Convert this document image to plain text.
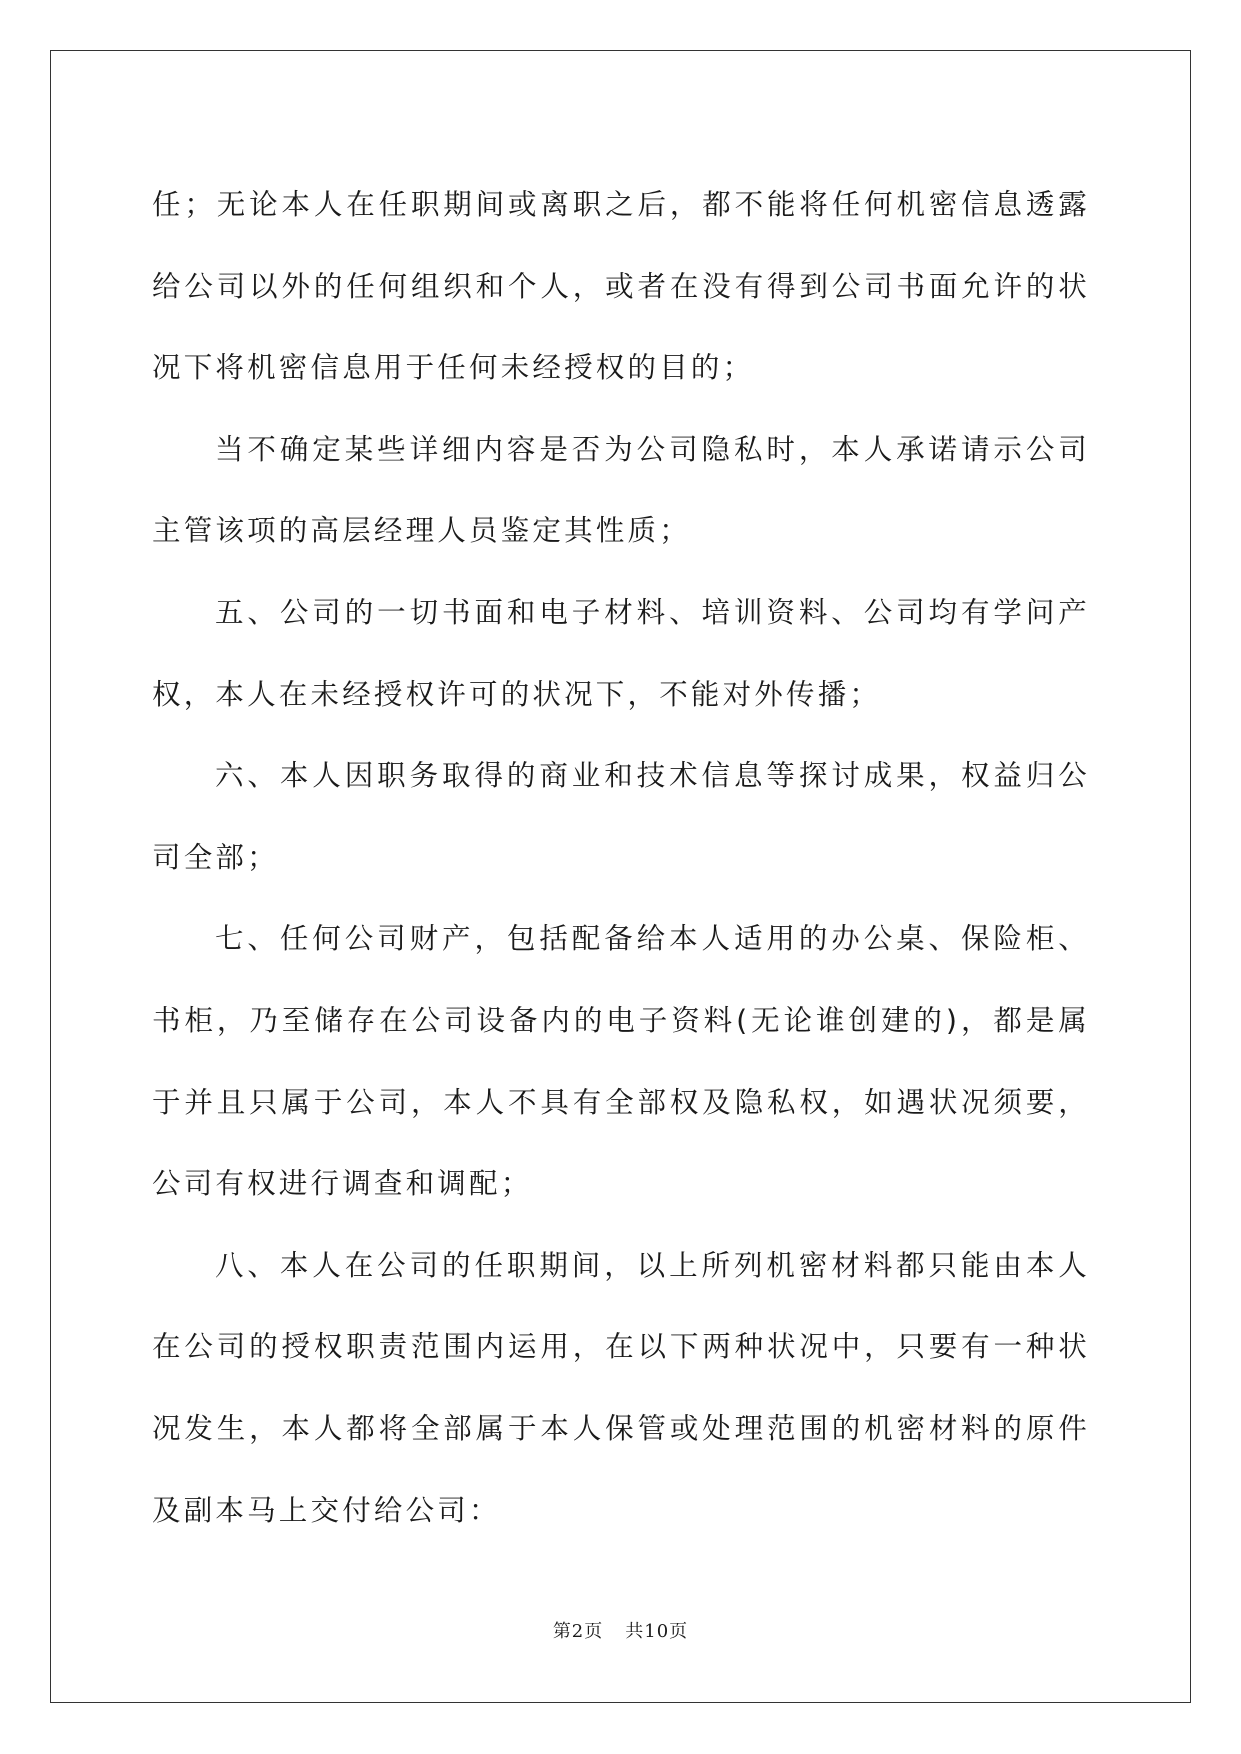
任；无论本人在任职期间或离职之后，都不能将任何机密信息透露给公司以外的任何组织和个人，或者在没有得到公司书面允许的状况下将机密信息用于任何未经授权的目的；

当不确定某些详细内容是否为公司隐私时，本人承诺请示公司主管该项的高层经理人员鉴定其性质；

五、公司的一切书面和电子材料、培训资料、公司均有学问产权，本人在未经授权许可的状况下，不能对外传播；

六、本人因职务取得的商业和技术信息等探讨成果，权益归公司全部；

七、任何公司财产，包括配备给本人适用的办公桌、保险柜、书柜，乃至储存在公司设备内的电子资料(无论谁创建的)，都是属于并且只属于公司，本人不具有全部权及隐私权，如遇状况须要，公司有权进行调查和调配；

八、本人在公司的任职期间，以上所列机密材料都只能由本人在公司的授权职责范围内运用，在以下两种状况中，只要有一种状况发生，本人都将全部属于本人保管或处理范围的机密材料的原件及副本马上交付给公司：

第2页 共10页
